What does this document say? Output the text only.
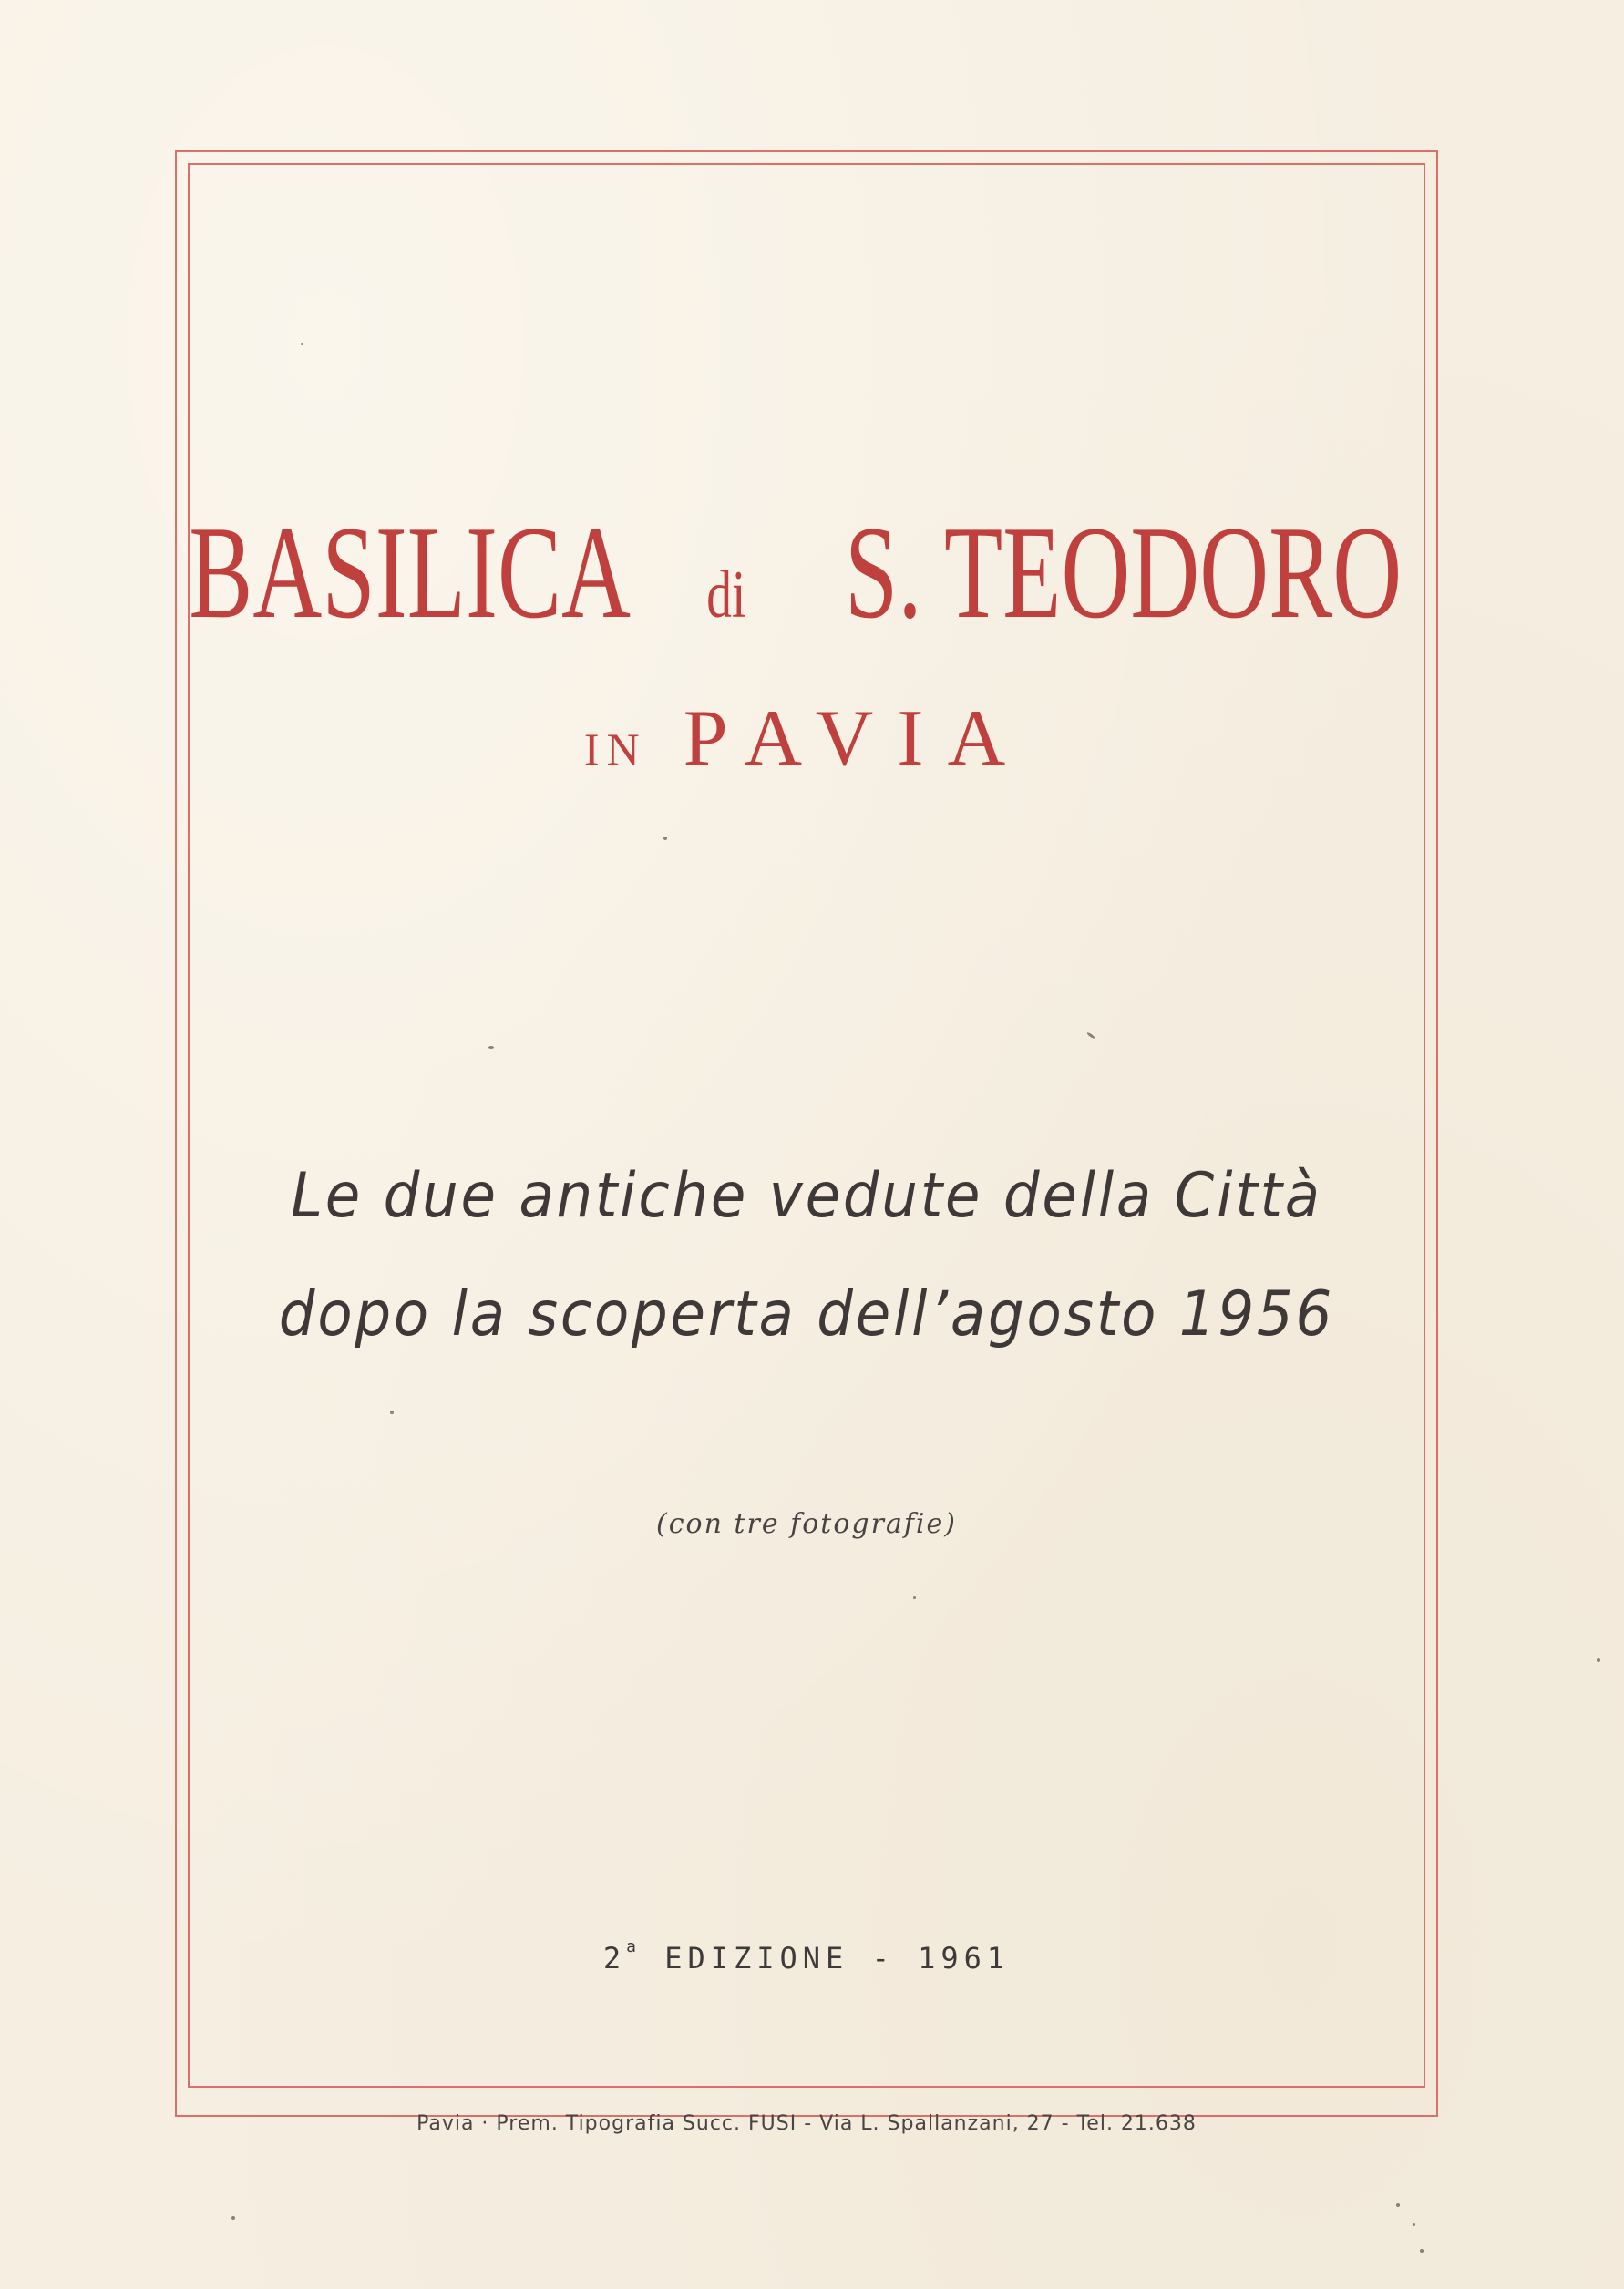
BASILICA di S. TEODORO
IN PAVIA
Le due antiche vedute della Città
dopo la scoperta dell’agosto 1956
(con tre fotografie)
2$^a$ EDIZIONE - 1961
Pavia · Prem. Tipografia Succ. FUSI - Via L. Spallanzani, 27 - Tel. 21.638
